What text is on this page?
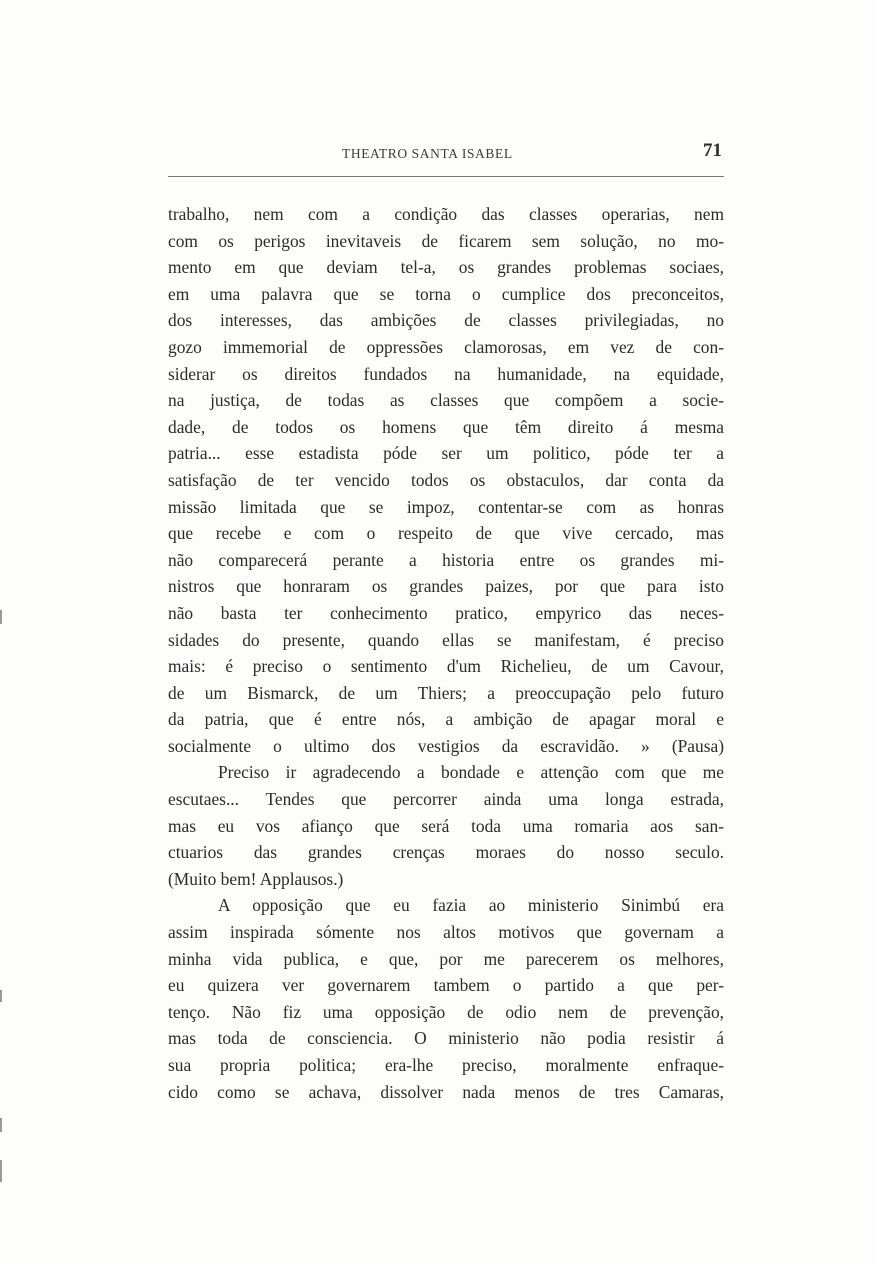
THEATRO SANTA ISABEL	71
trabalho, nem com a condição das classes operarias, nem
com os perigos inevitaveis de ficarem sem solução, no mo-
mento em que deviam tel-a, os grandes problemas sociaes,
em uma palavra que se torna o cumplice dos preconceitos,
dos interesses, das ambições de classes privilegiadas, no
gozo immemorial de oppressões clamorosas, em vez de con-
siderar os direitos fundados na humanidade, na equidade,
na justiça, de todas as classes que compõem a socie-
dade, de todos os homens que têm direito á mesma
patria... esse estadista póde ser um politico, póde ter a
satisfação de ter vencido todos os obstaculos, dar conta da
missão limitada que se impoz, contentar-se com as honras
que recebe e com o respeito de que vive cercado, mas
não comparecerá perante a historia entre os grandes mi-
nistros que honraram os grandes paizes, por que para isto
não basta ter conhecimento pratico, empyrico das neces-
sidades do presente, quando ellas se manifestam, é preciso
mais: é preciso o sentimento d'um Richelieu, de um Cavour,
de um Bismarck, de um Thiers; a preoccupação pelo futuro
da patria, que é entre nós, a ambição de apagar moral e
socialmente o ultimo dos vestigios da escravidão. » (Pausa)
Preciso ir agradecendo a bondade e attenção com que me
escutaes... Tendes que percorrer ainda uma longa estrada,
mas eu vos afianço que será toda uma romaria aos san-
ctuarios das grandes crenças moraes do nosso seculo.
(Muito bem! Applausos.)
A opposição que eu fazia ao ministerio Sinimbú era
assim inspirada sómente nos altos motivos que governam a
minha vida publica, e que, por me parecerem os melhores,
eu quizera ver governarem tambem o partido a que per-
tenço. Não fiz uma opposição de odio nem de prevenção,
mas toda de consciencia. O ministerio não podia resistir á
sua propria politica; era-lhe preciso, moralmente enfraque-
cido como se achava, dissolver nada menos de tres Camaras,
